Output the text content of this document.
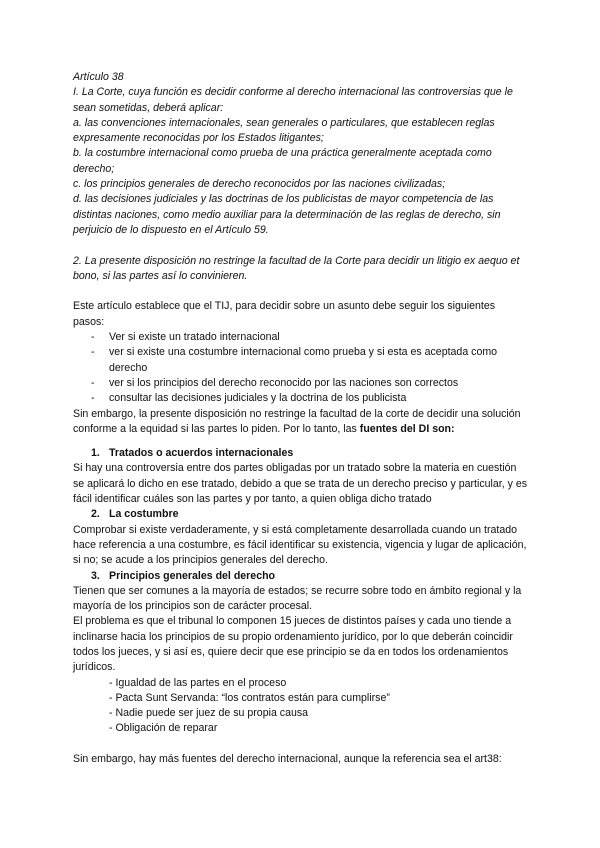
Artículo 38

I. La Corte, cuya función es decidir conforme al derecho internacional las controversias que le sean sometidas, deberá aplicar:

a. las convenciones internacionales, sean generales o particulares, que establecen reglas expresamente reconocidas por los Estados litigantes;

b. la costumbre internacional como prueba de una práctica generalmente aceptada como derecho;

c. los principios generales de derecho reconocidos por las naciones civilizadas;

d. las decisiones judiciales y las doctrinas de los publicistas de mayor competencia de las distintas naciones, como medio auxiliar para la determinación de las reglas de derecho, sin perjuicio de lo dispuesto en el Artículo 59.

2. La presente disposición no restringe la facultad de la Corte para decidir un litigio ex aequo et bono, si las partes así lo convinieren.

Este artículo establece que el TIJ, para decidir sobre un asunto debe seguir los siguientes pasos:

- Ver si existe un tratado internacional
- ver si existe una costumbre internacional como prueba y si esta es aceptada como derecho
- ver si los principios del derecho reconocido por las naciones son correctos
- consultar las decisiones judiciales y la doctrina de los publicista

Sin embargo, la presente disposición no restringe la facultad de la corte de decidir una solución conforme a la equidad si las partes lo piden. Por lo tanto, las fuentes del DI son:

1. Tratados o acuerdos internacionales

Si hay una controversia entre dos partes obligadas por un tratado sobre la materia en cuestión se aplicará lo dicho en ese tratado, debido a que se trata de un derecho preciso y particular, y es fácil identificar cuáles son las partes y por tanto, a quien obliga dicho tratado

2. La costumbre

Comprobar si existe verdaderamente, y si está completamente desarrollada cuando un tratado hace referencia a una costumbre, es fácil identificar su existencia, vigencia y lugar de aplicación, si no; se acude a los principios generales del derecho.

3. Principios generales del derecho

Tienen que ser comunes a la mayoría de estados; se recurre sobre todo en ámbito regional y la mayoría de los principios son de carácter procesal.

El problema es que el tribunal lo componen 15 jueces de distintos países y cada uno tiende a inclinarse hacia los principios de su propio ordenamiento jurídico, por lo que deberán coincidir todos los jueces, y si así es, quiere decir que ese principio se da en todos los ordenamientos jurídicos.

- Igualdad de las partes en el proceso
- Pacta Sunt Servanda: “los contratos están para cumplirse”
- Nadie puede ser juez de su propia causa
- Obligación de reparar

Sin embargo, hay más fuentes del derecho internacional, aunque la referencia sea el art38:
